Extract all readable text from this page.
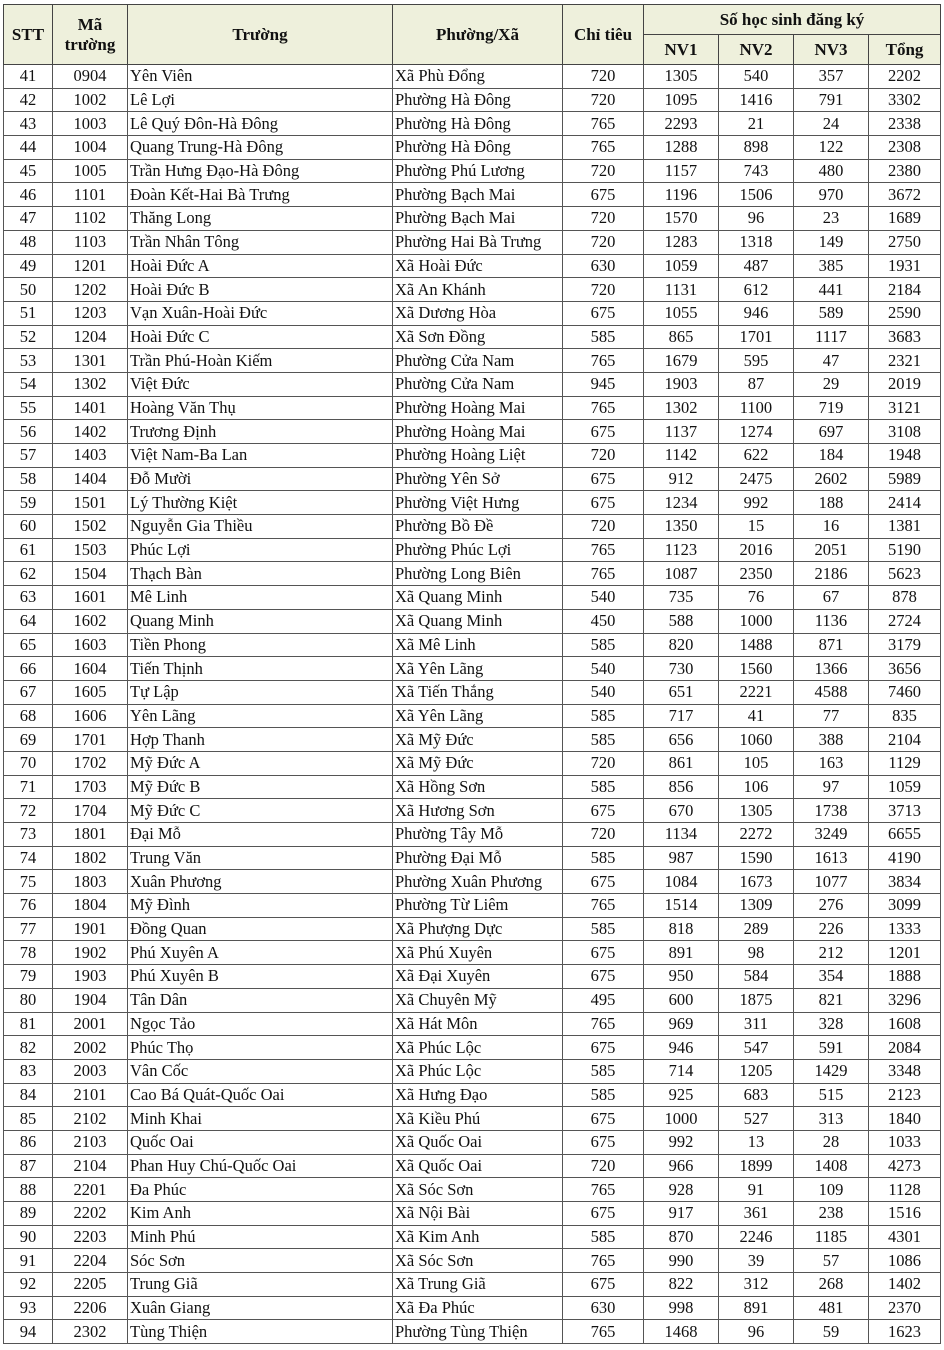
STT	Mã trường	Trường	Phường/Xã	Chỉ tiêu	Số học sinh đăng ký			
					NV1	NV2	NV3	Tổng
41	0904	Yên Viên	Xã Phù Đổng	720	1305	540	357	2202
42	1002	Lê Lợi	Phường Hà Đông	720	1095	1416	791	3302
43	1003	Lê Quý Đôn-Hà Đông	Phường Hà Đông	765	2293	21	24	2338
44	1004	Quang Trung-Hà Đông	Phường Hà Đông	765	1288	898	122	2308
45	1005	Trần Hưng Đạo-Hà Đông	Phường Phú Lương	720	1157	743	480	2380
46	1101	Đoàn Kết-Hai Bà Trưng	Phường Bạch Mai	675	1196	1506	970	3672
47	1102	Thăng Long	Phường Bạch Mai	720	1570	96	23	1689
48	1103	Trần Nhân Tông	Phường Hai Bà Trưng	720	1283	1318	149	2750
49	1201	Hoài Đức A	Xã Hoài Đức	630	1059	487	385	1931
50	1202	Hoài Đức B	Xã An Khánh	720	1131	612	441	2184
51	1203	Vạn Xuân-Hoài Đức	Xã Dương Hòa	675	1055	946	589	2590
52	1204	Hoài Đức C	Xã Sơn Đồng	585	865	1701	1117	3683
53	1301	Trần Phú-Hoàn Kiếm	Phường Cửa Nam	765	1679	595	47	2321
54	1302	Việt Đức	Phường Cửa Nam	945	1903	87	29	2019
55	1401	Hoàng Văn Thụ	Phường Hoàng Mai	765	1302	1100	719	3121
56	1402	Trương Định	Phường Hoàng Mai	675	1137	1274	697	3108
57	1403	Việt Nam-Ba Lan	Phường Hoàng Liệt	720	1142	622	184	1948
58	1404	Đỗ Mười	Phường Yên Sở	675	912	2475	2602	5989
59	1501	Lý Thường Kiệt	Phường Việt Hưng	675	1234	992	188	2414
60	1502	Nguyễn Gia Thiều	Phường Bồ Đề	720	1350	15	16	1381
61	1503	Phúc Lợi	Phường Phúc Lợi	765	1123	2016	2051	5190
62	1504	Thạch Bàn	Phường Long Biên	765	1087	2350	2186	5623
63	1601	Mê Linh	Xã Quang Minh	540	735	76	67	878
64	1602	Quang Minh	Xã Quang Minh	450	588	1000	1136	2724
65	1603	Tiền Phong	Xã Mê Linh	585	820	1488	871	3179
66	1604	Tiến Thịnh	Xã Yên Lãng	540	730	1560	1366	3656
67	1605	Tự Lập	Xã Tiến Thắng	540	651	2221	4588	7460
68	1606	Yên Lãng	Xã Yên Lãng	585	717	41	77	835
69	1701	Hợp Thanh	Xã Mỹ Đức	585	656	1060	388	2104
70	1702	Mỹ Đức A	Xã Mỹ Đức	720	861	105	163	1129
71	1703	Mỹ Đức B	Xã Hồng Sơn	585	856	106	97	1059
72	1704	Mỹ Đức C	Xã Hương Sơn	675	670	1305	1738	3713
73	1801	Đại Mỗ	Phường Tây Mỗ	720	1134	2272	3249	6655
74	1802	Trung Văn	Phường Đại Mỗ	585	987	1590	1613	4190
75	1803	Xuân Phương	Phường Xuân Phương	675	1084	1673	1077	3834
76	1804	Mỹ Đình	Phường Từ Liêm	765	1514	1309	276	3099
77	1901	Đồng Quan	Xã Phượng Dực	585	818	289	226	1333
78	1902	Phú Xuyên A	Xã Phú Xuyên	675	891	98	212	1201
79	1903	Phú Xuyên B	Xã Đại Xuyên	675	950	584	354	1888
80	1904	Tân Dân	Xã Chuyên Mỹ	495	600	1875	821	3296
81	2001	Ngọc Tảo	Xã Hát Môn	765	969	311	328	1608
82	2002	Phúc Thọ	Xã Phúc Lộc	675	946	547	591	2084
83	2003	Vân Cốc	Xã Phúc Lộc	585	714	1205	1429	3348
84	2101	Cao Bá Quát-Quốc Oai	Xã Hưng Đạo	585	925	683	515	2123
85	2102	Minh Khai	Xã Kiều Phú	675	1000	527	313	1840
86	2103	Quốc Oai	Xã Quốc Oai	675	992	13	28	1033
87	2104	Phan Huy Chú-Quốc Oai	Xã Quốc Oai	720	966	1899	1408	4273
88	2201	Đa Phúc	Xã Sóc Sơn	765	928	91	109	1128
89	2202	Kim Anh	Xã Nội Bài	675	917	361	238	1516
90	2203	Minh Phú	Xã Kim Anh	585	870	2246	1185	4301
91	2204	Sóc Sơn	Xã Sóc Sơn	765	990	39	57	1086
92	2205	Trung Giã	Xã Trung Giã	675	822	312	268	1402
93	2206	Xuân Giang	Xã Đa Phúc	630	998	891	481	2370
94	2302	Tùng Thiện	Phường Tùng Thiện	765	1468	96	59	1623
